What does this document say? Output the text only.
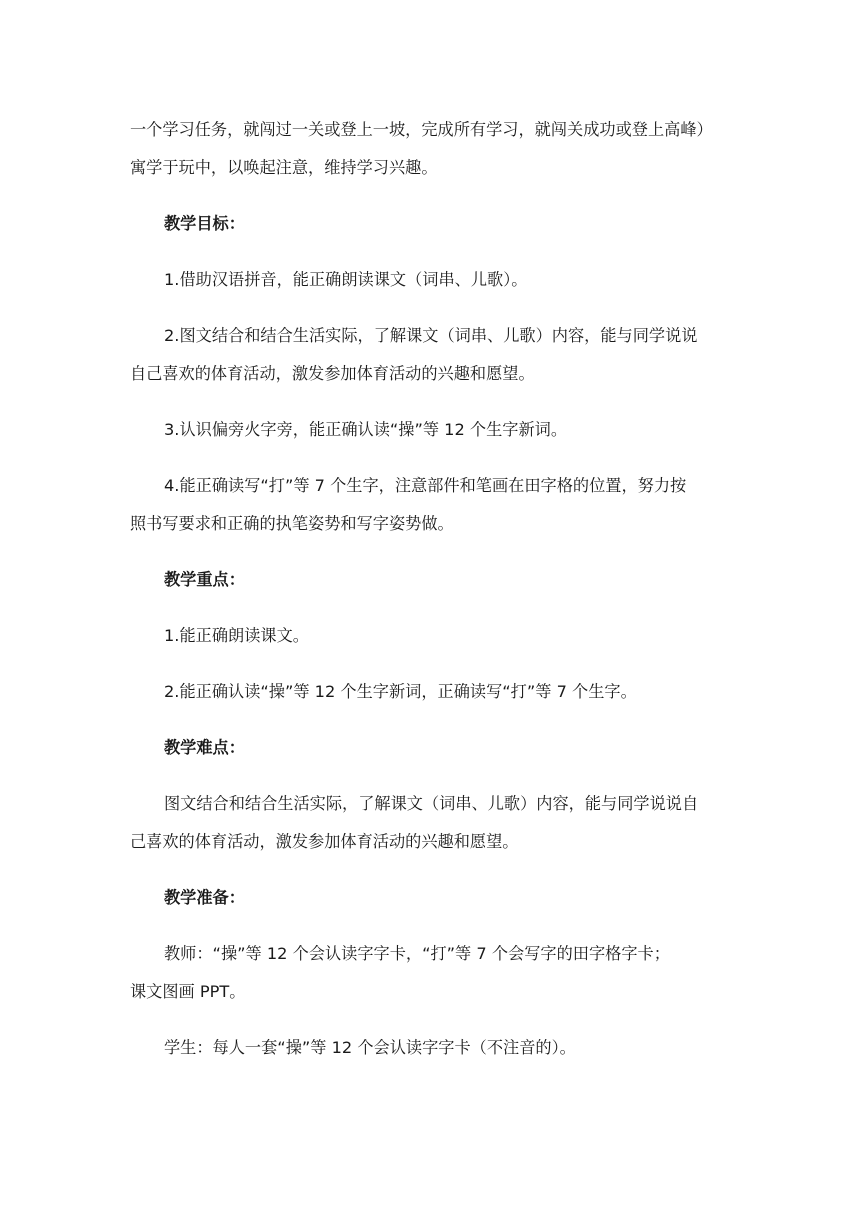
一个学习任务，就闯过一关或登上一坡，完成所有学习，就闯关成功或登上高峰）

寓学于玩中，以唤起注意，维持学习兴趣。

教学目标：

1.借助汉语拼音，能正确朗读课文（词串、儿歌）。

2.图文结合和结合生活实际，了解课文（词串、儿歌）内容，能与同学说说

自己喜欢的体育活动，激发参加体育活动的兴趣和愿望。

3.认识偏旁火字旁，能正确认读“操”等 12 个生字新词。

4.能正确读写“打”等 7 个生字，注意部件和笔画在田字格的位置，努力按

照书写要求和正确的执笔姿势和写字姿势做。

教学重点：

1.能正确朗读课文。

2.能正确认读“操”等 12 个生字新词，正确读写“打”等 7 个生字。

教学难点：

图文结合和结合生活实际，了解课文（词串、儿歌）内容，能与同学说说自

己喜欢的体育活动，激发参加体育活动的兴趣和愿望。

教学准备：

教师：“操”等 12 个会认读字字卡，“打”等 7 个会写字的田字格字卡；

课文图画 PPT。

学生：每人一套“操”等 12 个会认读字字卡（不注音的）。
